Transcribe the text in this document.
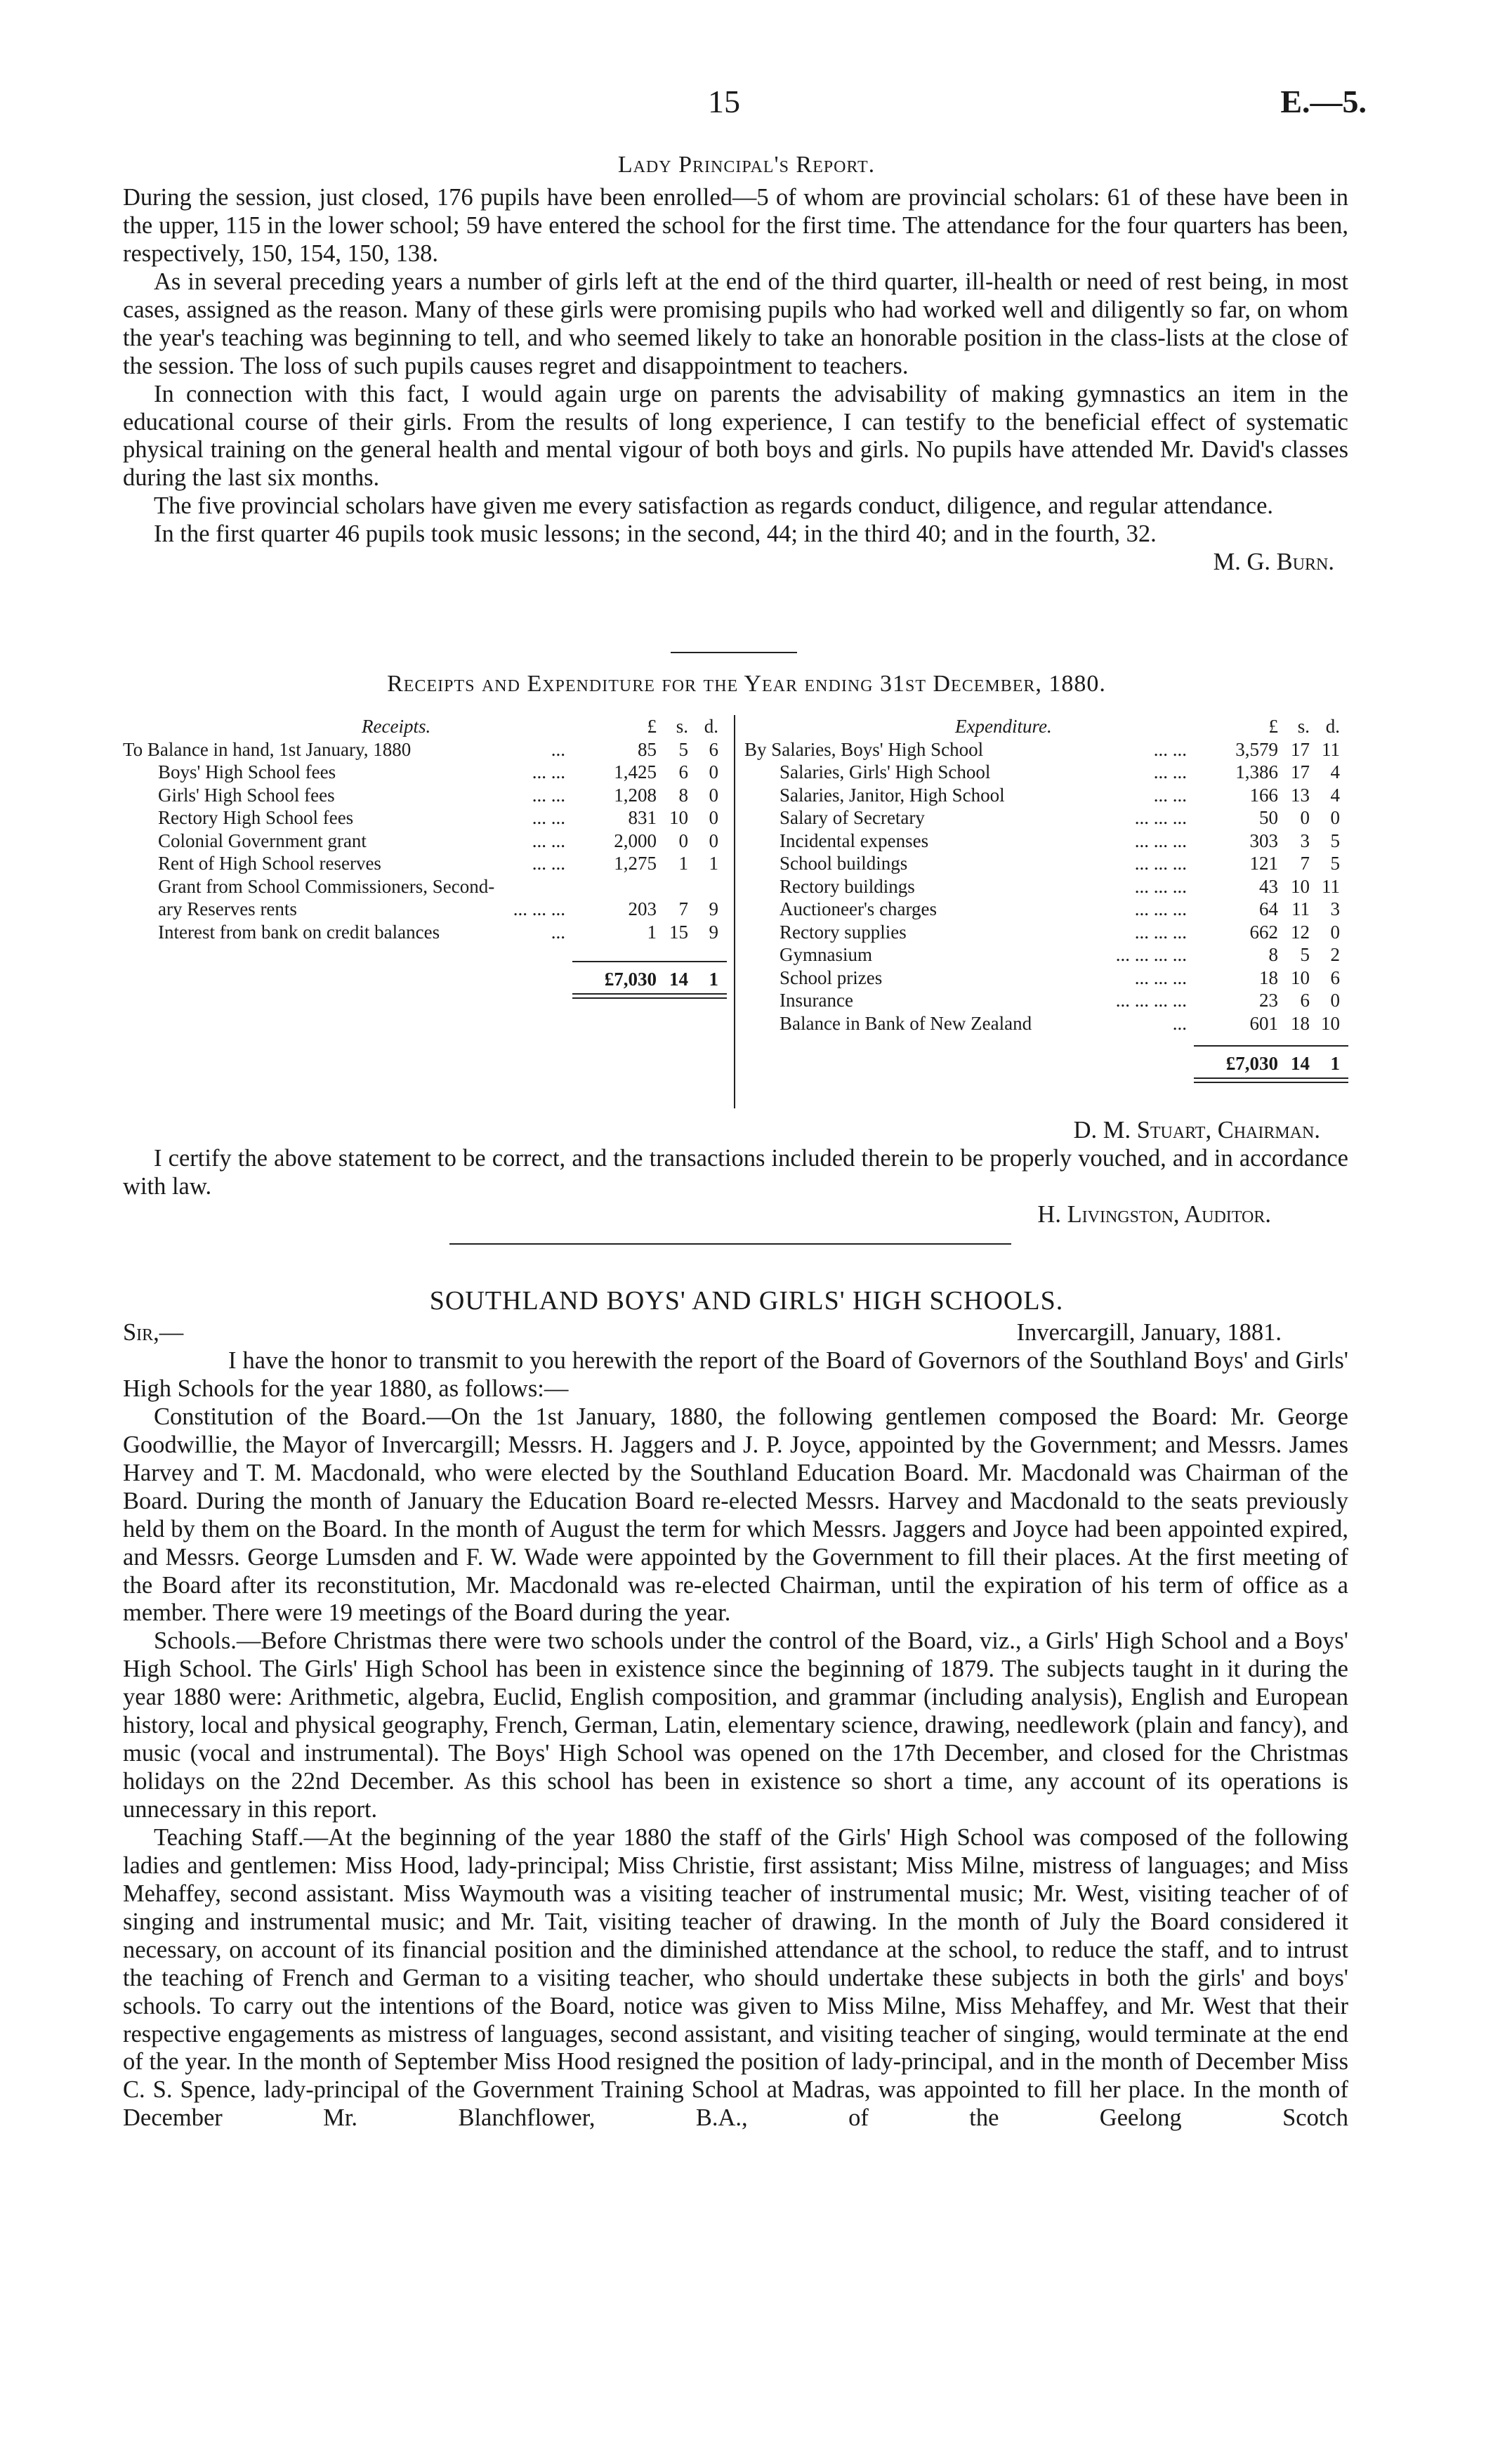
15	E.—5.
Lady Principal's Report.

During the session, just closed, 176 pupils have been enrolled—5 of whom are provincial scholars: 61 of these have been in the upper, 115 in the lower school; 59 have entered the school for the first time. The attendance for the four quarters has been, respectively, 150, 154, 150, 138.

As in several preceding years a number of girls left at the end of the third quarter, ill-health or need of rest being, in most cases, assigned as the reason. Many of these girls were promising pupils who had worked well and diligently so far, on whom the year's teaching was beginning to tell, and who seemed likely to take an honorable position in the class-lists at the close of the session. The loss of such pupils causes regret and disappointment to teachers.

In connection with this fact, I would again urge on parents the advisability of making gymnastics an item in the educational course of their girls. From the results of long experience, I can testify to the beneficial effect of systematic physical training on the general health and mental vigour of both boys and girls. No pupils have attended Mr. David's classes during the last six months.

The five provincial scholars have given me every satisfaction as regards conduct, diligence, and regular attendance.

In the first quarter 46 pupils took music lessons; in the second, 44; in the third 40; and in the fourth, 32.

M. G. Burn.

Receipts and Expenditure for the Year ending 31st December, 1880.
Receipts.	£ s. d.
To Balance in hand, 1st January, 1880	...	85 5 6
Boys' High School fees	... ...	1,425 6 0
Girls' High School fees	... ...	1,208 8 0
Rectory High School fees	... ...	831 10 0
Colonial Government grant	... ...	2,000 0 0
Rent of High School reserves	... ...	1,275 1 1
Grant from School Commissioners, Second-
ary Reserves rents	... ... ...	203 7 9
Interest from bank on credit balances	...	1 15 9
£7,030 14 1
Expenditure.	£ s. d.
By Salaries, Boys' High School	... ...	3,579 17 11
Salaries, Girls' High School	... ...	1,386 17 4
Salaries, Janitor, High School	... ...	166 13 4
Salary of Secretary	... ... ...	50 0 0
Incidental expenses	... ... ...	303 3 5
School buildings	... ... ...	121 7 5
Rectory buildings	... ... ...	43 10 11
Auctioneer's charges	... ... ...	64 11 3
Rectory supplies	... ... ...	662 12 0
Gymnasium	... ... ... ...	8 5 2
School prizes	... ... ...	18 10 6
Insurance	... ... ... ...	23 6 0
Balance in Bank of New Zealand	...	601 18 10
£7,030 14 1

D. M. Stuart, Chairman.

I certify the above statement to be correct, and the transactions included therein to be properly vouched, and in accordance with law.

H. Livingston, Auditor.

SOUTHLAND BOYS' AND GIRLS' HIGH SCHOOLS.

Sir,—	Invercargill, January, 1881.

I have the honor to transmit to you herewith the report of the Board of Governors of the Southland Boys' and Girls' High Schools for the year 1880, as follows:—

Constitution of the Board.—On the 1st January, 1880, the following gentlemen composed the Board: Mr. George Goodwillie, the Mayor of Invercargill; Messrs. H. Jaggers and J. P. Joyce, appointed by the Government; and Messrs. James Harvey and T. M. Macdonald, who were elected by the Southland Education Board. Mr. Macdonald was Chairman of the Board. During the month of January the Education Board re-elected Messrs. Harvey and Macdonald to the seats previously held by them on the Board. In the month of August the term for which Messrs. Jaggers and Joyce had been appointed expired, and Messrs. George Lumsden and F. W. Wade were appointed by the Government to fill their places. At the first meeting of the Board after its reconstitution, Mr. Macdonald was re-elected Chairman, until the expiration of his term of office as a member. There were 19 meetings of the Board during the year.

Schools.—Before Christmas there were two schools under the control of the Board, viz., a Girls' High School and a Boys' High School. The Girls' High School has been in existence since the beginning of 1879. The subjects taught in it during the year 1880 were: Arithmetic, algebra, Euclid, English composition, and grammar (including analysis), English and European history, local and physical geography, French, German, Latin, elementary science, drawing, needlework (plain and fancy), and music (vocal and instrumental). The Boys' High School was opened on the 17th December, and closed for the Christmas holidays on the 22nd December. As this school has been in existence so short a time, any account of its operations is unnecessary in this report.

Teaching Staff.—At the beginning of the year 1880 the staff of the Girls' High School was composed of the following ladies and gentlemen: Miss Hood, lady-principal; Miss Christie, first assistant; Miss Milne, mistress of languages; and Miss Mehaffey, second assistant. Miss Waymouth was a visiting teacher of instrumental music; Mr. West, visiting teacher of of singing and instrumental music; and Mr. Tait, visiting teacher of drawing. In the month of July the Board considered it necessary, on account of its financial position and the diminished attendance at the school, to reduce the staff, and to intrust the teaching of French and German to a visiting teacher, who should undertake these subjects in both the girls' and boys' schools. To carry out the intentions of the Board, notice was given to Miss Milne, Miss Mehaffey, and Mr. West that their respective engagements as mistress of languages, second assistant, and visiting teacher of singing, would terminate at the end of the year. In the month of September Miss Hood resigned the position of lady-principal, and in the month of December Miss C. S. Spence, lady-principal of the Government Training School at Madras, was appointed to fill her place. In the month of December Mr. Blanchflower, B.A., of the Geelong Scotch
